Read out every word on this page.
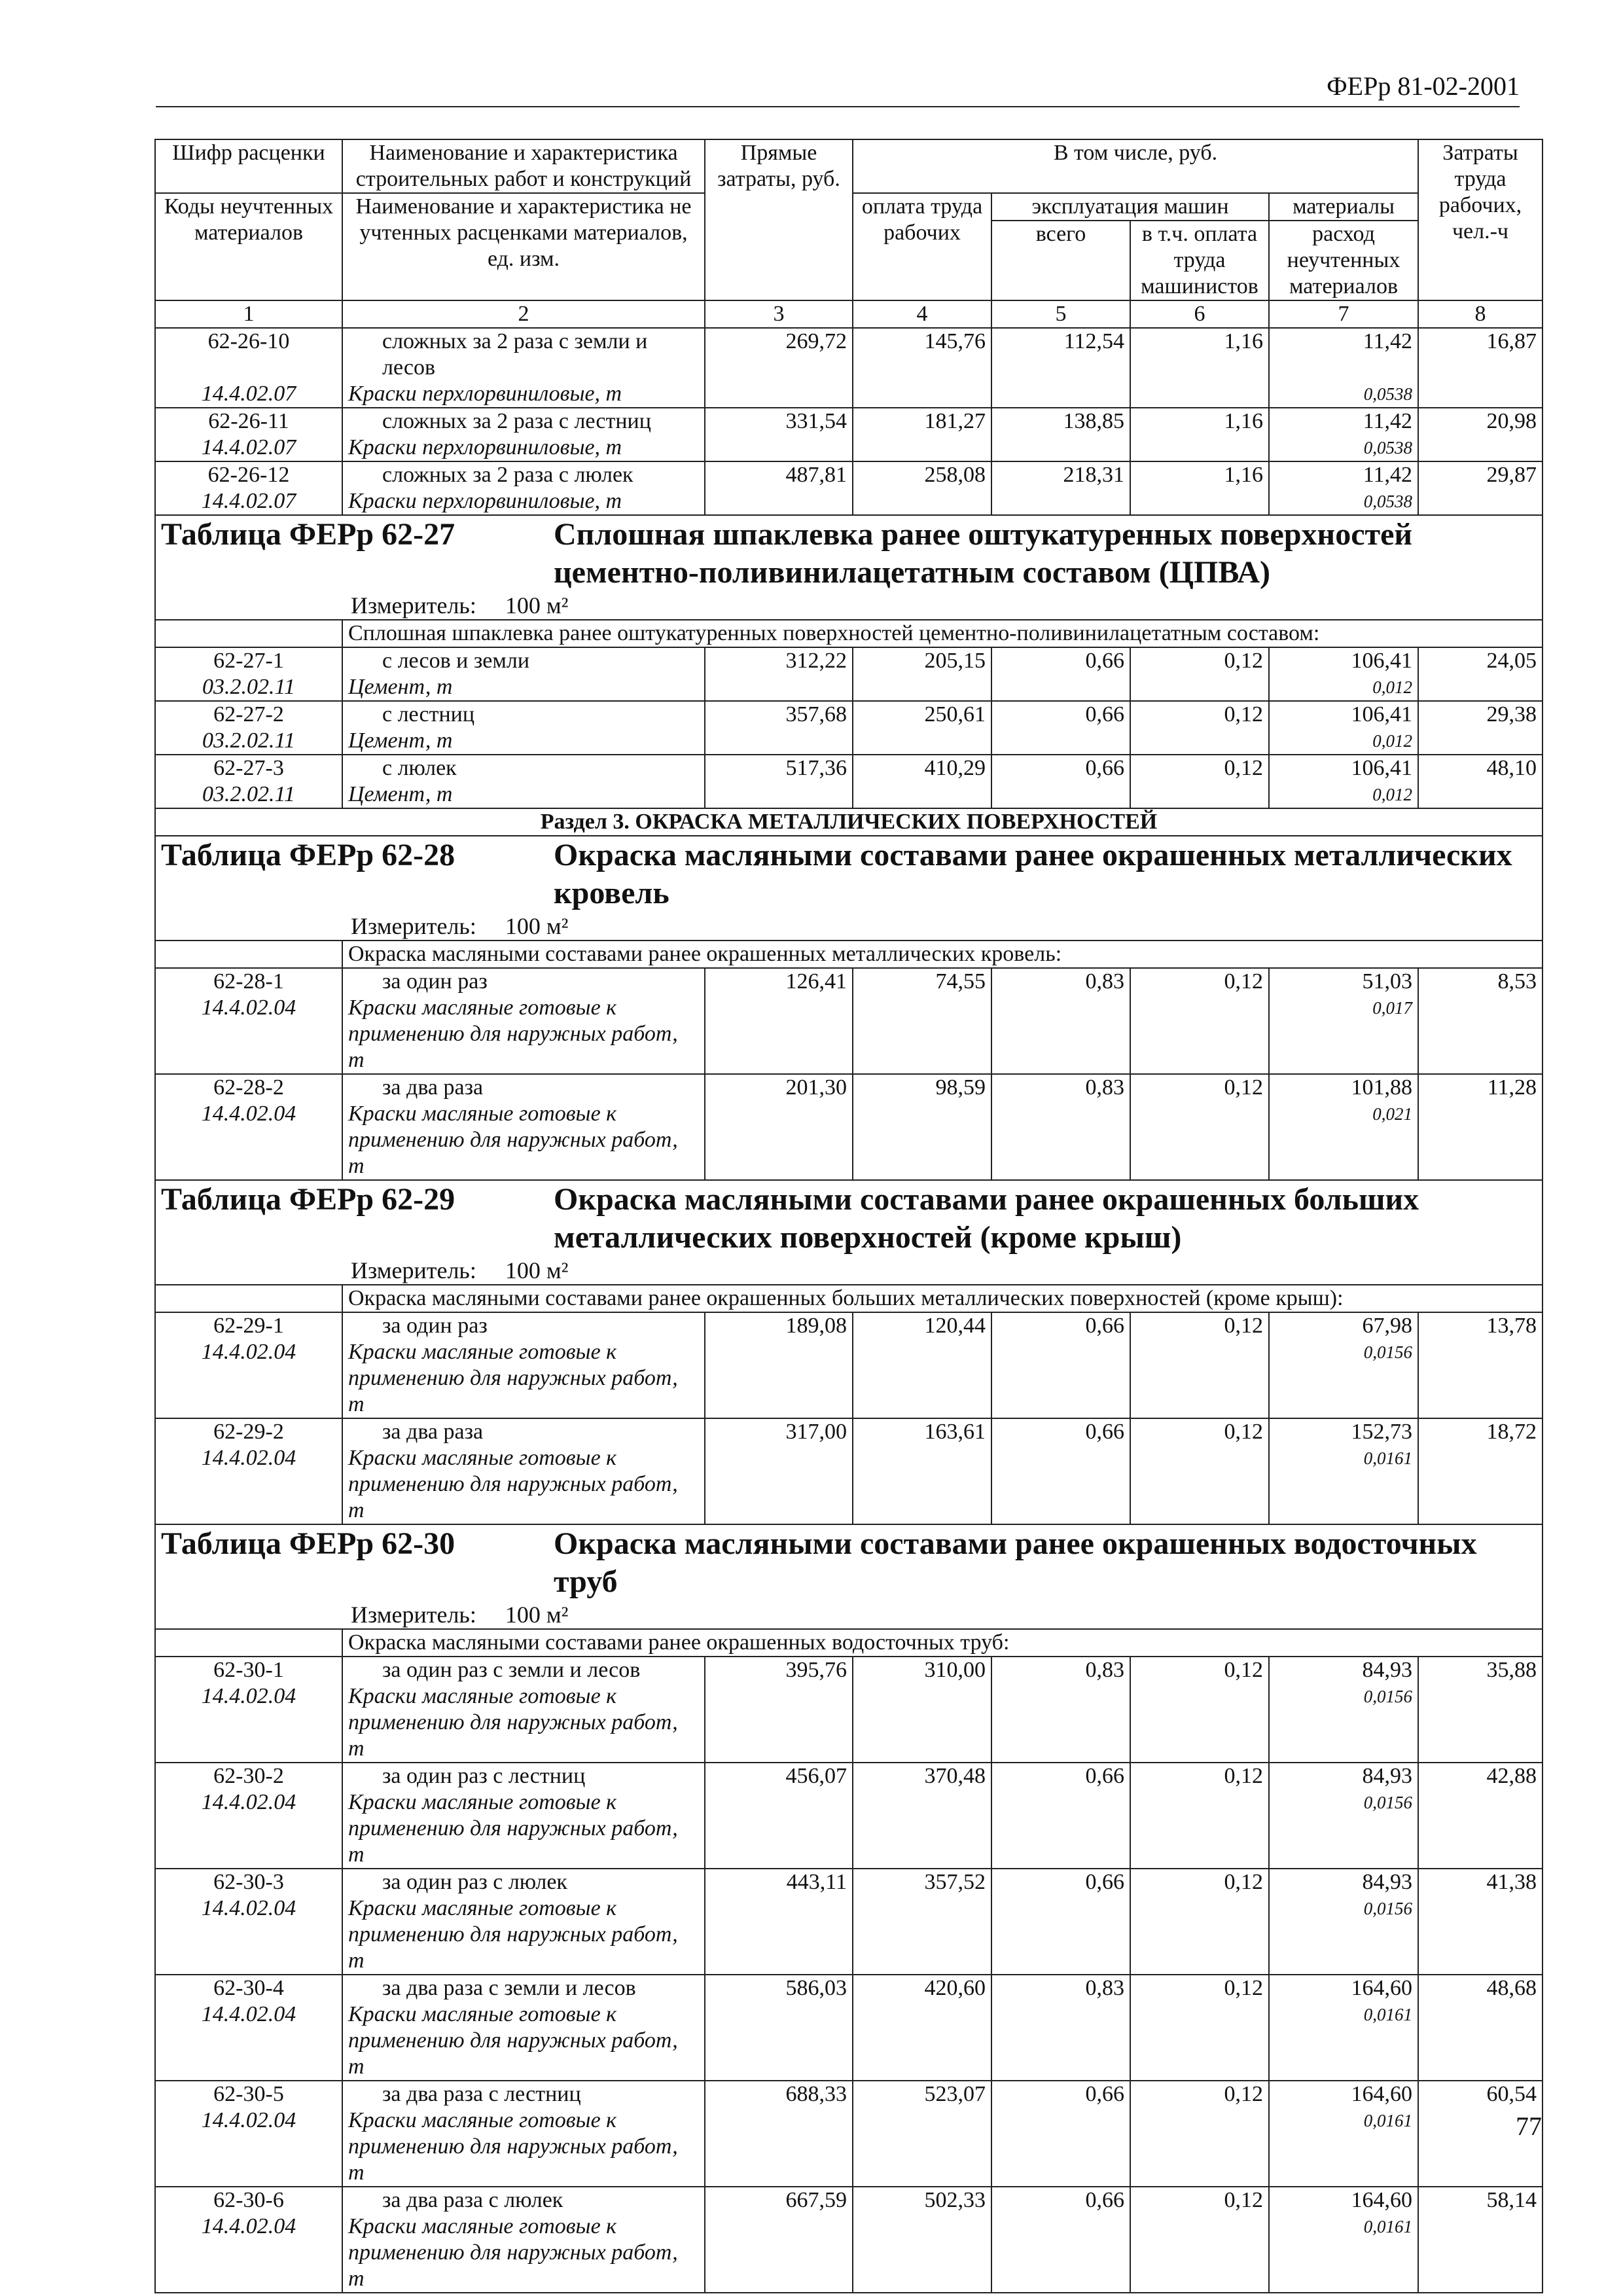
ФЕРр 81-02-2001
Шифр расценки	Наименование и характеристика строительных работ и конструкций	Прямые затраты, руб.	В том числе, руб.				Затраты труда рабочих, чел.-ч
Коды неучтенных материалов	Наименование и характеристика не учтенных расценками материалов, ед. изм.		оплата труда рабочих	эксплуатация машин		материалы	
				всего	в т.ч. оплата труда машинистов	расход неучтенных материалов	
1	2	3	4	5	6	7	8
62-26-10	сложных за 2 раза с земли и лесов	269,72	145,76	112,54	1,16	11,42	16,87
14.4.02.07	Краски перхлорвиниловые, т					0,0538	
62-26-11	сложных за 2 раза с лестниц	331,54	181,27	138,85	1,16	11,42	20,98
14.4.02.07	Краски перхлорвиниловые, т					0,0538	
62-26-12	сложных за 2 раза с люлек	487,81	258,08	218,31	1,16	11,42	29,87
14.4.02.07	Краски перхлорвиниловые, т					0,0538	

Таблица ФЕРр 62-27 Сплошная шпаклевка ранее оштукатуренных поверхностей цементно-поливинилацетатным составом (ЦПВА)
Измеритель: 100 м²							

	Сплошная шпаклевка ранее оштукатуренных поверхностей цементно-поливинилацетатным составом:						
62-27-1	с лесов и земли	312,22	205,15	0,66	0,12	106,41	24,05
03.2.02.11	Цемент, т					0,012	
62-27-2	с лестниц	357,68	250,61	0,66	0,12	106,41	29,38
03.2.02.11	Цемент, т					0,012	
62-27-3	с люлек	517,36	410,29	0,66	0,12	106,41	48,10
03.2.02.11	Цемент, т					0,012	
Раздел 3. ОКРАСКА МЕТАЛЛИЧЕСКИХ ПОВЕРХНОСТЕЙ							

Таблица ФЕРр 62-28 Окраска масляными составами ранее окрашенных металлических кровель
Измеритель: 100 м²							

	Окраска масляными составами ранее окрашенных металлических кровель:						
62-28-1	за один раз	126,41	74,55	0,83	0,12	51,03	8,53
14.4.02.04	Краски масляные готовые к применению для наружных работ, т					0,017	
62-28-2	за два раза	201,30	98,59	0,83	0,12	101,88	11,28
14.4.02.04	Краски масляные готовые к применению для наружных работ, т					0,021	

Таблица ФЕРр 62-29 Окраска масляными составами ранее окрашенных больших металлических поверхностей (кроме крыш)
Измеритель: 100 м²							

	Окраска масляными составами ранее окрашенных больших металлических поверхностей (кроме крыш):						
62-29-1	за один раз	189,08	120,44	0,66	0,12	67,98	13,78
14.4.02.04	Краски масляные готовые к применению для наружных работ, т					0,0156	
62-29-2	за два раза	317,00	163,61	0,66	0,12	152,73	18,72
14.4.02.04	Краски масляные готовые к применению для наружных работ, т					0,0161	

Таблица ФЕРр 62-30 Окраска масляными составами ранее окрашенных водосточных труб
Измеритель: 100 м²							

	Окраска масляными составами ранее окрашенных водосточных труб:						
62-30-1	за один раз с земли и лесов	395,76	310,00	0,83	0,12	84,93	35,88
14.4.02.04	Краски масляные готовые к применению для наружных работ, т					0,0156	
62-30-2	за один раз с лестниц	456,07	370,48	0,66	0,12	84,93	42,88
14.4.02.04	Краски масляные готовые к применению для наружных работ, т					0,0156	
62-30-3	за один раз с люлек	443,11	357,52	0,66	0,12	84,93	41,38
14.4.02.04	Краски масляные готовые к применению для наружных работ, т					0,0156	
62-30-4	за два раза с земли и лесов	586,03	420,60	0,83	0,12	164,60	48,68
14.4.02.04	Краски масляные готовые к применению для наружных работ, т					0,0161	
62-30-5	за два раза с лестниц	688,33	523,07	0,66	0,12	164,60	60,54
14.4.02.04	Краски масляные готовые к применению для наружных работ, т					0,0161	
62-30-6	за два раза с люлек	667,59	502,33	0,66	0,12	164,60	58,14
14.4.02.04	Краски масляные готовые к применению для наружных работ, т					0,0161	
77
